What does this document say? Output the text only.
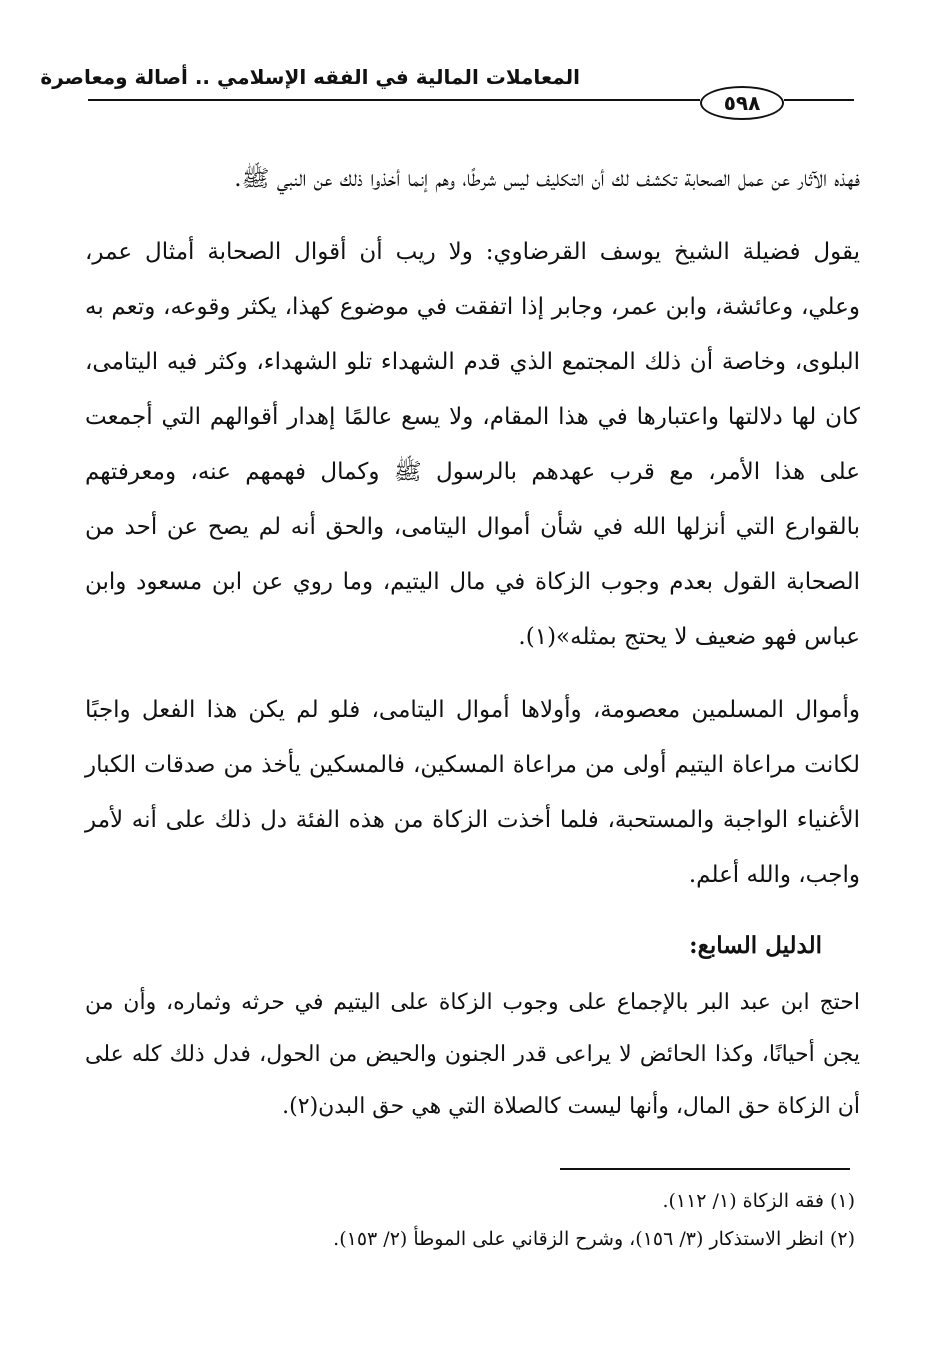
المعاملات المالية في الفقه الإسلامي .. أصالة ومعاصرة
٥٩٨

فهذه الآثار عن عمل الصحابة تكشف لك أن التكليف ليس شرطًا، وهم إنما أخذوا ذلك عن النبي ﷺ.

يقول فضيلة الشيخ يوسف القرضاوي: ولا ريب أن أقوال الصحابة أمثال عمر، وعلي، وعائشة، وابن عمر، وجابر إذا اتفقت في موضوع كهذا، يكثر وقوعه، وتعم به البلوى، وخاصة أن ذلك المجتمع الذي قدم الشهداء تلو الشهداء، وكثر فيه اليتامى، كان لها دلالتها واعتبارها في هذا المقام، ولا يسع عالمًا إهدار أقوالهم التي أجمعت على هذا الأمر، مع قرب عهدهم بالرسول ﷺ وكمال فهمهم عنه، ومعرفتهم بالقوارع التي أنزلها الله في شأن أموال اليتامى، والحق أنه لم يصح عن أحد من الصحابة القول بعدم وجوب الزكاة في مال اليتيم، وما روي عن ابن مسعود وابن عباس فهو ضعيف لا يحتج بمثله»(١).

وأموال المسلمين معصومة، وأولاها أموال اليتامى، فلو لم يكن هذا الفعل واجبًا لكانت مراعاة اليتيم أولى من مراعاة المسكين، فالمسكين يأخذ من صدقات الكبار الأغنياء الواجبة والمستحبة، فلما أخذت الزكاة من هذه الفئة دل ذلك على أنه لأمر واجب، والله أعلم.

الدليل السابع:

احتج ابن عبد البر بالإجماع على وجوب الزكاة على اليتيم في حرثه وثماره، وأن من يجن أحيانًا، وكذا الحائض لا يراعى قدر الجنون والحيض من الحول، فدل ذلك كله على أن الزكاة حق المال، وأنها ليست كالصلاة التي هي حق البدن(٢).

(١) فقه الزكاة (١/ ١١٢).

(٢) انظر الاستذكار (٣/ ١٥٦)، وشرح الزقاني على الموطأ (٢/ ١٥٣).
